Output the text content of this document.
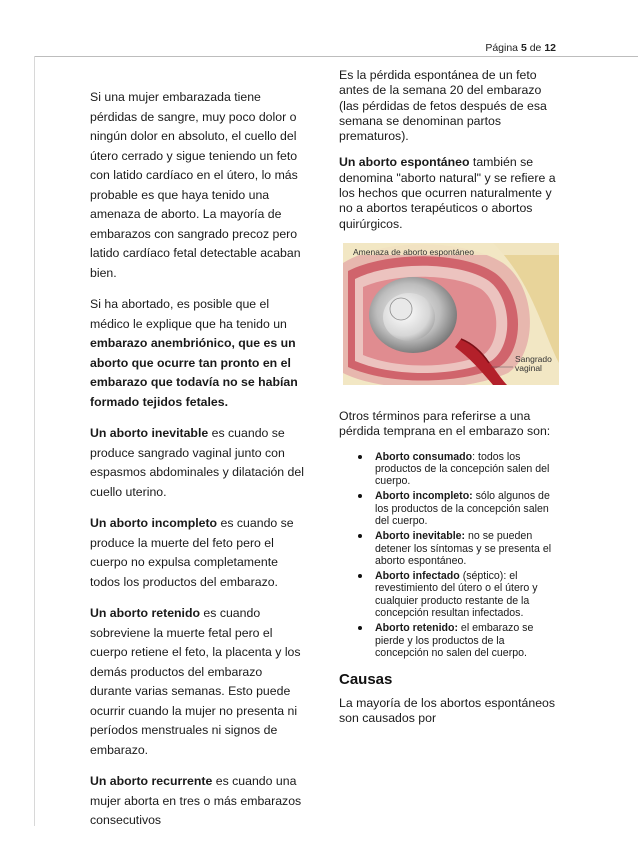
Página 5 de 12

Si una mujer embarazada tiene pérdidas de sangre, muy poco dolor o ningún dolor en absoluto, el cuello del útero cerrado y sigue teniendo un feto con latido cardíaco en el útero, lo más probable es que haya tenido una amenaza de aborto. La mayoría de embarazos con sangrado precoz pero latido cardíaco fetal detectable acaban bien.

Si ha abortado, es posible que el médico le explique que ha tenido un embarazo anembriónico, que es un aborto que ocurre tan pronto en el embarazo que todavía no se habían formado tejidos fetales.

Un aborto inevitable es cuando se produce sangrado vaginal junto con espasmos abdominales y dilatación del cuello uterino.

Un aborto incompleto es cuando se produce la muerte del feto pero el cuerpo no expulsa completamente todos los productos del embarazo.

Un aborto retenido es cuando sobreviene la muerte fetal pero el cuerpo retiene el feto, la placenta y los demás productos del embarazo durante varias semanas. Esto puede ocurrir cuando la mujer no presenta ni períodos menstruales ni signos de embarazo.

Un aborto recurrente es cuando una mujer aborta en tres o más embarazos consecutivos

Es la pérdida espontánea de un feto antes de la semana 20 del embarazo (las pérdidas de fetos después de esa semana se denominan partos prematuros).

Un aborto espontáneo también se denomina "aborto natural" y se refiere a los hechos que ocurren naturalmente y no a abortos terapéuticos o abortos quirúrgicos.

Amenaza de aborto espontáneo
Sangrado
vaginal

Otros términos para referirse a una pérdida temprana en el embarazo son:

Aborto consumado: todos los productos de la concepción salen del cuerpo.
Aborto incompleto: sólo algunos de los productos de la concepción salen del cuerpo.
Aborto inevitable: no se pueden detener los síntomas y se presenta el aborto espontáneo.
Aborto infectado (séptico): el revestimiento del útero o el útero y cualquier producto restante de la concepción resultan infectados.
Aborto retenido: el embarazo se pierde y los productos de la concepción no salen del cuerpo.
Causas

La mayoría de los abortos espontáneos son causados por
